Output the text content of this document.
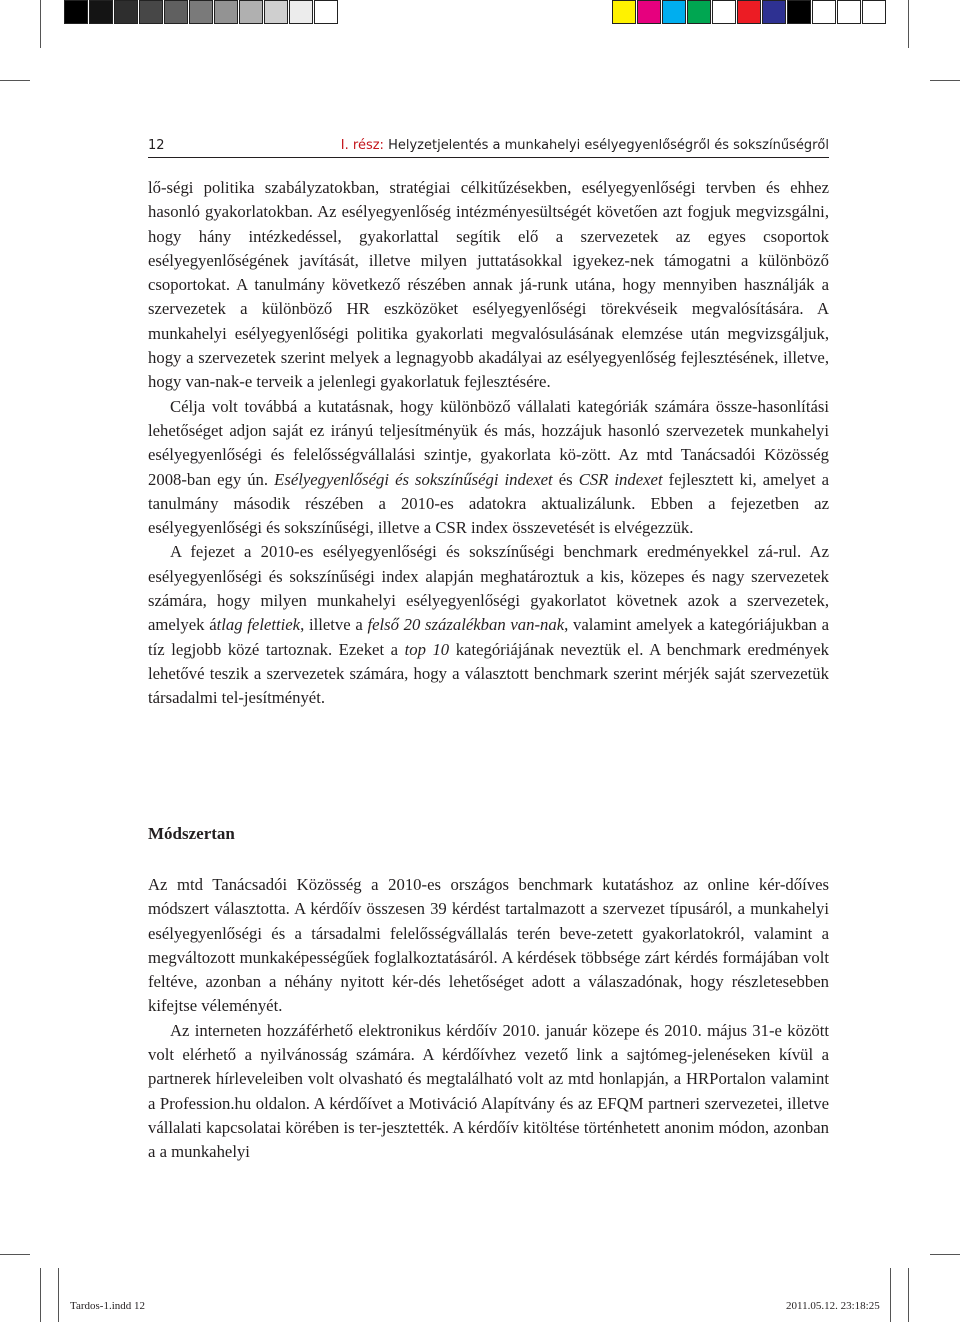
12	I. rész: Helyzetjelentés a munkahelyi esélyegyenlőségről és sokszínűségről

lő-ségi politika szabályzatokban, stratégiai célkitűzésekben, esélyegyenlőségi tervben és ehhez hasonló gyakorlatokban. Az esélyegyenlőség intézményesültségét követően azt fogjuk megvizsgálni, hogy hány intézkedéssel, gyakorlattal segítik elő a szervezetek az egyes csoportok esélyegyenlőségének javítását, illetve milyen juttatásokkal igyekez-nek támogatni a különböző csoportokat. A tanulmány következő részében annak já-runk utána, hogy mennyiben használják a szervezetek a különböző HR eszközöket esélyegyenlőségi törekvéseik megvalósítására. A munkahelyi esélyegyenlőségi politika gyakorlati megvalósulásának elemzése után megvizsgáljuk, hogy a szervezetek szerint melyek a legnagyobb akadályai az esélyegyenlőség fejlesztésének, illetve, hogy van-nak-e terveik a jelenlegi gyakorlatuk fejlesztésére.

Célja volt továbbá a kutatásnak, hogy különböző vállalati kategóriák számára össze-hasonlítási lehetőséget adjon saját ez irányú teljesítményük és más, hozzájuk hasonló szervezetek munkahelyi esélyegyenlőségi és felelősségvállalási szintje, gyakorlata kö-zött. Az mtd Tanácsadói Közösség 2008-ban egy ún. Esélyegyenlőségi és sokszínűségi indexet és CSR indexet fejlesztett ki, amelyet a tanulmány második részében a 2010-es adatokra aktualizálunk. Ebben a fejezetben az esélyegyenlőségi és sokszínűségi, illetve a CSR index összevetését is elvégezzük.

A fejezet a 2010-es esélyegyenlőségi és sokszínűségi benchmark eredményekkel zá-rul. Az esélyegyenlőségi és sokszínűségi index alapján meghatároztuk a kis, közepes és nagy szervezetek számára, hogy milyen munkahelyi esélyegyenlőségi gyakorlatot követnek azok a szervezetek, amelyek átlag felettiek, illetve a felső 20 százalékban van-nak, valamint amelyek a kategóriájukban a tíz legjobb közé tartoznak. Ezeket a top 10 kategóriájának neveztük el. A benchmark eredmények lehetővé teszik a szervezetek számára, hogy a választott benchmark szerint mérjék saját szervezetük társadalmi tel-jesítményét.

Módszertan

Az mtd Tanácsadói Közösség a 2010-es országos benchmark kutatáshoz az online kér-dőíves módszert választotta. A kérdőív összesen 39 kérdést tartalmazott a szervezet típusáról, a munkahelyi esélyegyenlőségi és a társadalmi felelősségvállalás terén beve-zetett gyakorlatokról, valamint a megváltozott munkaképességűek foglalkoztatásáról. A kérdések többsége zárt kérdés formájában volt feltéve, azonban a néhány nyitott kér-dés lehetőséget adott a válaszadónak, hogy részletesebben kifejtse véleményét.

Az interneten hozzáférhető elektronikus kérdőív 2010. január közepe és 2010. május 31-e között volt elérhető a nyilvánosság számára. A kérdőívhez vezető link a sajtómeg-jelenéseken kívül a partnerek hírleveleiben volt olvasható és megtalálható volt az mtd honlapján, a HRPortalon valamint a Profession.hu oldalon. A kérdőívet a Motiváció Alapítvány és az EFQM partneri szervezetei, illetve vállalati kapcsolatai körében is ter-jesztették. A kérdőív kitöltése történhetett anonim módon, azonban a a munkahelyi

Tardos-1.indd 12	2011.05.12. 23:18:25
